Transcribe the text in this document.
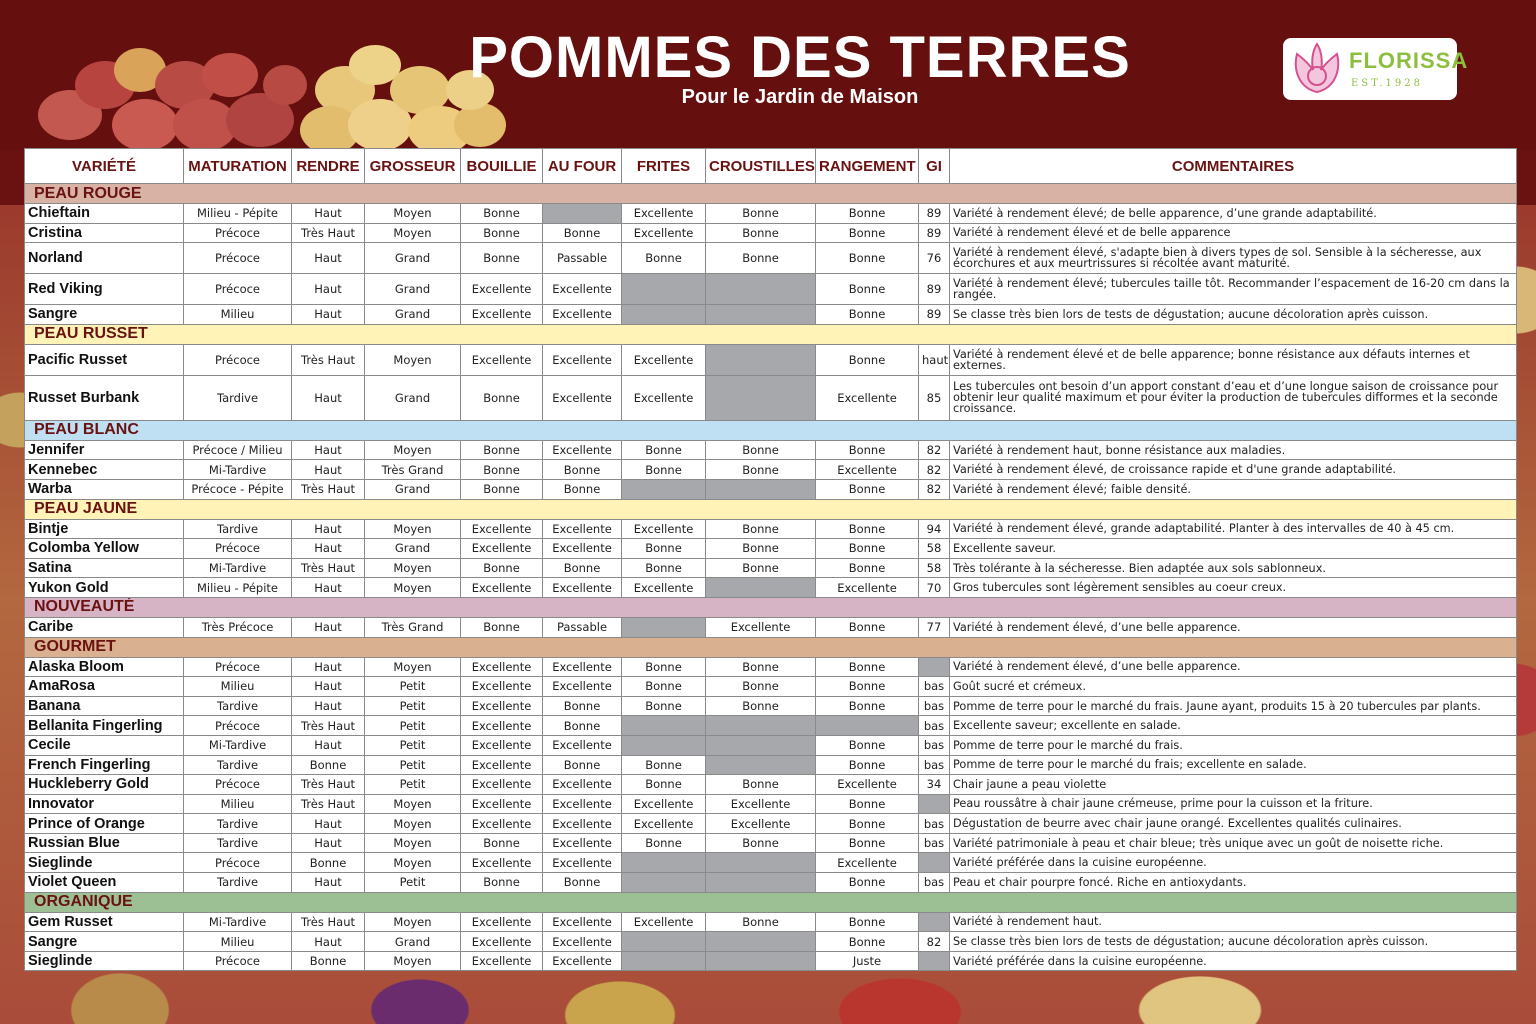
POMMES DES TERRES
Pour le Jardin de Maison
FLORISSA
EST.1928
VARIÉTÉ	MATURATION	RENDRE	GROSSEUR	BOUILLIE	AU FOUR	FRITES	CROUSTILLES	RANGEMENT	GI	COMMENTAIRES
PEAU ROUGE										
Chieftain	Milieu - Pépite	Haut	Moyen	Bonne		Excellente	Bonne	Bonne	89	Variété à rendement élevé; de belle apparence, d’une grande adaptabilité.
Cristina	Précoce	Très Haut	Moyen	Bonne	Bonne	Excellente	Bonne	Bonne	89	Variété à rendement élevé et de belle apparence
Norland	Précoce	Haut	Grand	Bonne	Passable	Bonne	Bonne	Bonne	76	Variété à rendement élevé, s'adapte bien à divers types de sol. Sensible à la sécheresse, aux écorchures et aux meurtrissures si récoltée avant maturité.
Red Viking	Précoce	Haut	Grand	Excellente	Excellente			Bonne	89	Variété à rendement élevé; tubercules taille tôt. Recommander l’espacement de 16-20 cm dans la rangée.
Sangre	Milieu	Haut	Grand	Excellente	Excellente			Bonne	89	Se classe très bien lors de tests de dégustation; aucune décoloration après cuisson.
PEAU RUSSET										
Pacific Russet	Précoce	Très Haut	Moyen	Excellente	Excellente	Excellente		Bonne	haut	Variété à rendement élevé et de belle apparence; bonne résistance aux défauts internes et externes.
Russet Burbank	Tardive	Haut	Grand	Bonne	Excellente	Excellente		Excellente	85	Les tubercules ont besoin d’un apport constant d’eau et d’une longue saison de croissance pour obtenir leur qualité maximum et pour éviter la production de tubercules difformes et la seconde croissance.
PEAU BLANC										
Jennifer	Précoce / Milieu	Haut	Moyen	Bonne	Excellente	Bonne	Bonne	Bonne	82	Variété à rendement haut, bonne résistance aux maladies.
Kennebec	Mi-Tardive	Haut	Très Grand	Bonne	Bonne	Bonne	Bonne	Excellente	82	Variété à rendement élevé, de croissance rapide et d'une grande adaptabilité.
Warba	Précoce - Pépite	Très Haut	Grand	Bonne	Bonne			Bonne	82	Variété à rendement élevé; faible densité.
PEAU JAUNE										
Bintje	Tardive	Haut	Moyen	Excellente	Excellente	Excellente	Bonne	Bonne	94	Variété à rendement élevé, grande adaptabilité. Planter à des intervalles de 40 à 45 cm.
Colomba Yellow	Précoce	Haut	Grand	Excellente	Excellente	Bonne	Bonne	Bonne	58	Excellente saveur.
Satina	Mi-Tardive	Très Haut	Moyen	Bonne	Bonne	Bonne	Bonne	Bonne	58	Très tolérante à la sécheresse. Bien adaptée aux sols sablonneux.
Yukon Gold	Milieu - Pépite	Haut	Moyen	Excellente	Excellente	Excellente		Excellente	70	Gros tubercules sont légèrement sensibles au coeur creux.
NOUVEAUTÉ										
Caribe	Très Précoce	Haut	Très Grand	Bonne	Passable		Excellente	Bonne	77	Variété à rendement élevé, d’une belle apparence.
GOURMET										
Alaska Bloom	Précoce	Haut	Moyen	Excellente	Excellente	Bonne	Bonne	Bonne		Variété à rendement élevé, d’une belle apparence.
AmaRosa	Milieu	Haut	Petit	Excellente	Excellente	Bonne	Bonne	Bonne	bas	Goût sucré et crémeux.
Banana	Tardive	Haut	Petit	Excellente	Bonne	Bonne	Bonne	Bonne	bas	Pomme de terre pour le marché du frais. Jaune ayant, produits 15 à 20 tubercules par plants.
Bellanita Fingerling	Précoce	Très Haut	Petit	Excellente	Bonne				bas	Excellente saveur; excellente en salade.
Cecile	Mi-Tardive	Haut	Petit	Excellente	Excellente			Bonne	bas	Pomme de terre pour le marché du frais.
French Fingerling	Tardive	Bonne	Petit	Excellente	Bonne	Bonne		Bonne	bas	Pomme de terre pour le marché du frais; excellente en salade.
Huckleberry Gold	Précoce	Très Haut	Petit	Excellente	Excellente	Bonne	Bonne	Excellente	34	Chair jaune a peau violette
Innovator	Milieu	Très Haut	Moyen	Excellente	Excellente	Excellente	Excellente	Bonne		Peau roussâtre à chair jaune crémeuse, prime pour la cuisson et la friture.
Prince of Orange	Tardive	Haut	Moyen	Excellente	Excellente	Excellente	Excellente	Bonne	bas	Dégustation de beurre avec chair jaune orangé. Excellentes qualités culinaires.
Russian Blue	Tardive	Haut	Moyen	Bonne	Excellente	Bonne	Bonne	Bonne	bas	Variété patrimoniale à peau et chair bleue; très unique avec un goût de noisette riche.
Sieglinde	Précoce	Bonne	Moyen	Excellente	Excellente			Excellente		Variété préférée dans la cuisine européenne.
Violet Queen	Tardive	Haut	Petit	Bonne	Bonne			Bonne	bas	Peau et chair pourpre foncé. Riche en antioxydants.
ORGANIQUE										
Gem Russet	Mi-Tardive	Très Haut	Moyen	Excellente	Excellente	Excellente	Bonne	Bonne		Variété à rendement haut.
Sangre	Milieu	Haut	Grand	Excellente	Excellente			Bonne	82	Se classe très bien lors de tests de dégustation; aucune décoloration après cuisson.
Sieglinde	Précoce	Bonne	Moyen	Excellente	Excellente			Juste		Variété préférée dans la cuisine européenne.
